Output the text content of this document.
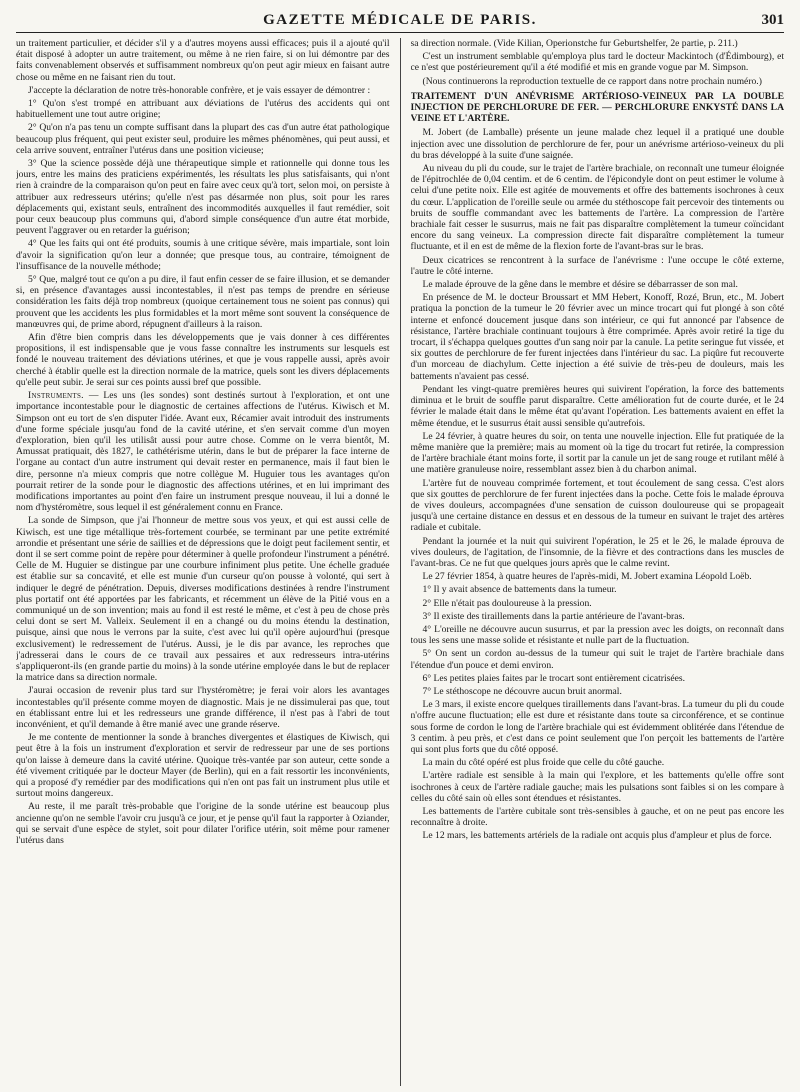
GAZETTE MÉDICALE DE PARIS.	301

un traitement particulier, et décider s'il y a d'autres moyens aussi efficaces; puis il a ajouté qu'il était disposé à adopter un autre traitement, ou même à ne rien faire, si on lui démontre par des faits convenablement observés et suffisamment nombreux qu'on peut agir mieux en faisant autre chose ou même en ne faisant rien du tout.

J'accepte la déclaration de notre très-honorable confrère, et je vais essayer de démontrer :

1° Qu'on s'est trompé en attribuant aux déviations de l'utérus des accidents qui ont habituellement une tout autre origine;

2° Qu'on n'a pas tenu un compte suffisant dans la plupart des cas d'un autre état pathologique beaucoup plus fréquent, qui peut exister seul, produire les mêmes phénomènes, qui peut aussi, et cela arrive souvent, entraîner l'utérus dans une position vicieuse;

3° Que la science possède déjà une thérapeutique simple et rationnelle qui donne tous les jours, entre les mains des praticiens expérimentés, les résultats les plus satisfaisants, qui n'ont rien à craindre de la comparaison qu'on peut en faire avec ceux qu'à tort, selon moi, on persiste à attribuer aux redresseurs utérins; qu'elle n'est pas désarmée non plus, soit pour les rares déplacements qui, existant seuls, entraînent des incommodités auxquelles il faut remédier, soit pour ceux beaucoup plus communs qui, d'abord simple conséquence d'un autre état morbide, peuvent l'aggraver ou en retarder la guérison;

4° Que les faits qui ont été produits, soumis à une critique sévère, mais impartiale, sont loin d'avoir la signification qu'on leur a donnée; que presque tous, au contraire, témoignent de l'insuffisance de la nouvelle méthode;

5° Que, malgré tout ce qu'on a pu dire, il faut enfin cesser de se faire illusion, et se demander si, en présence d'avantages aussi incontestables, il n'est pas temps de prendre en sérieuse considération les faits déjà trop nombreux (quoique certainement tous ne soient pas connus) qui prouvent que les accidents les plus formidables et la mort même sont souvent la conséquence de manœuvres qui, de prime abord, répugnent d'ailleurs à la raison.

Afin d'être bien compris dans les développements que je vais donner à ces différentes propositions, il est indispensable que je vous fasse connaître les instruments sur lesquels est fondé le nouveau traitement des déviations utérines, et que je vous rappelle aussi, après avoir cherché à établir quelle est la direction normale de la matrice, quels sont les divers déplacements qu'elle peut subir. Je serai sur ces points aussi bref que possible.

Instruments. — Les uns (les sondes) sont destinés surtout à l'exploration, et ont une importance incontestable pour le diagnostic de certaines affections de l'utérus. Kiwisch et M. Simpson ont eu tort de s'en disputer l'idée. Avant eux, Récamier avait introduit des instruments d'une forme spéciale jusqu'au fond de la cavité utérine, et s'en servait comme d'un moyen d'exploration, bien qu'il les utilisât aussi pour autre chose. Comme on le verra bientôt, M. Amussat pratiquait, dès 1827, le cathétérisme utérin, dans le but de préparer la face interne de l'organe au contact d'un autre instrument qui devait rester en permanence, mais il faut bien le dire, personne n'a mieux compris que notre collègue M. Huguier tous les avantages qu'on pourrait retirer de la sonde pour le diagnostic des affections utérines, et en lui imprimant des modifications importantes au point d'en faire un instrument presque nouveau, il lui a donné le nom d'hystéromètre, sous lequel il est généralement connu en France.

La sonde de Simpson, que j'ai l'honneur de mettre sous vos yeux, et qui est aussi celle de Kiwisch, est une tige métallique très-fortement courbée, se terminant par une petite extrémité arrondie et présentant une série de saillies et de dépressions que le doigt peut facilement sentir, et dont il se sert comme point de repère pour déterminer à quelle profondeur l'instrument a pénétré. Celle de M. Huguier se distingue par une courbure infiniment plus petite. Une échelle graduée est établie sur sa concavité, et elle est munie d'un curseur qu'on pousse à volonté, qui sert à indiquer le degré de pénétration. Depuis, diverses modifications destinées à rendre l'instrument plus portatif ont été apportées par les fabricants, et récemment un élève de la Pitié vous en a communiqué un de son invention; mais au fond il est resté le même, et c'est à peu de chose près celui dont se sert M. Valleix. Seulement il en a changé ou du moins étendu la destination, puisque, ainsi que nous le verrons par la suite, c'est avec lui qu'il opère aujourd'hui (presque exclusivement) le redressement de l'utérus. Aussi, je le dis par avance, les reproches que j'adresserai dans le cours de ce travail aux pessaires et aux redresseurs intra-utérins s'appliqueront-ils (en grande partie du moins) à la sonde utérine employée dans le but de replacer la matrice dans sa direction normale.

J'aurai occasion de revenir plus tard sur l'hystéromètre; je ferai voir alors les avantages incontestables qu'il présente comme moyen de diagnostic. Mais je ne dissimulerai pas que, tout en établissant entre lui et les redresseurs une grande différence, il n'est pas à l'abri de tout inconvénient, et qu'il demande à être manié avec une grande réserve.

Je me contente de mentionner la sonde à branches divergentes et élastiques de Kiwisch, qui peut être à la fois un instrument d'exploration et servir de redresseur par une de ses portions qu'on laisse à demeure dans la cavité utérine. Quoique très-vantée par son auteur, cette sonde a été vivement critiquée par le docteur Mayer (de Berlin), qui en a fait ressortir les inconvénients, qui a proposé d'y remédier par des modifications qui n'en ont pas fait un instrument plus utile et surtout moins dangereux.

Au reste, il me paraît très-probable que l'origine de la sonde utérine est beaucoup plus ancienne qu'on ne semble l'avoir cru jusqu'à ce jour, et je pense qu'il faut la rapporter à Oziander, qui se servait d'une espèce de stylet, soit pour dilater l'orifice utérin, soit même pour ramener l'utérus dans

sa direction normale. (Vide Kilian, Operionstche fur Geburtshelfer, 2e partie, p. 211.)

C'est un instrument semblable qu'employa plus tard le docteur Mackintoch (d'Édimbourg), et ce n'est que postérieurement qu'il a été modifié et mis en grande vogue par M. Simpson.

(Nous continuerons la reproduction textuelle de ce rapport dans notre prochain numéro.)

TRAITEMENT D'UN ANÉVRISME ARTÉRIOSO-VEINEUX PAR LA DOUBLE INJECTION DE PERCHLORURE DE FER. — PERCHLORURE ENKYSTÉ DANS LA VEINE ET L'ARTÈRE.

M. Jobert (de Lamballe) présente un jeune malade chez lequel il a pratiqué une double injection avec une dissolution de perchlorure de fer, pour un anévrisme artérioso-veineux du pli du bras développé à la suite d'une saignée.

Au niveau du pli du coude, sur le trajet de l'artère brachiale, on reconnaît une tumeur éloignée de l'épitrochlée de 0,04 centim. et de 6 centim. de l'épicondyle dont on peut estimer le volume à celui d'une petite noix. Elle est agitée de mouvements et offre des battements isochrones à ceux du cœur. L'application de l'oreille seule ou armée du stéthoscope fait percevoir des tintements ou bruits de souffle commandant avec les battements de l'artère. La compression de l'artère brachiale fait cesser le susurrus, mais ne fait pas disparaître complètement la tumeur coïncidant encore du sang veineux. La compression directe fait disparaître complètement la tumeur fluctuante, et il en est de même de la flexion forte de l'avant-bras sur le bras.

Deux cicatrices se rencontrent à la surface de l'anévrisme : l'une occupe le côté externe, l'autre le côté interne.

Le malade éprouve de la gêne dans le membre et désire se débarrasser de son mal.

En présence de M. le docteur Broussart et MM Hebert, Konoff, Rozé, Brun, etc., M. Jobert pratiqua la ponction de la tumeur le 20 février avec un mince trocart qui fut plongé à son côté interne et enfoncé doucement jusque dans son intérieur, ce qui fut annoncé par l'absence de résistance, l'artère brachiale continuant toujours à être comprimée. Après avoir retiré la tige du trocart, il s'échappa quelques gouttes d'un sang noir par la canule. La petite seringue fut vissée, et six gouttes de perchlorure de fer furent injectées dans l'intérieur du sac. La piqûre fut recouverte d'un morceau de diachylum. Cette injection a été suivie de très-peu de douleurs, mais les battements n'avaient pas cessé.

Pendant les vingt-quatre premières heures qui suivirent l'opération, la force des battements diminua et le bruit de souffle parut disparaître. Cette amélioration fut de courte durée, et le 24 février le malade était dans le même état qu'avant l'opération. Les battements avaient en effet la même étendue, et le susurrus était aussi sensible qu'autrefois.

Le 24 février, à quatre heures du soir, on tenta une nouvelle injection. Elle fut pratiquée de la même manière que la première; mais au moment où la tige du trocart fut retirée, la compression de l'artère brachiale étant moins forte, il sortit par la canule un jet de sang rouge et rutilant mêlé à une matière granuleuse noire, ressemblant assez bien à du charbon animal.

L'artère fut de nouveau comprimée fortement, et tout écoulement de sang cessa. C'est alors que six gouttes de perchlorure de fer furent injectées dans la poche. Cette fois le malade éprouva de vives douleurs, accompagnées d'une sensation de cuisson douloureuse qui se propageait jusqu'à une certaine distance en dessus et en dessous de la tumeur en suivant le trajet des artères radiale et cubitale.

Pendant la journée et la nuit qui suivirent l'opération, le 25 et le 26, le malade éprouva de vives douleurs, de l'agitation, de l'insomnie, de la fièvre et des contractions dans les muscles de l'avant-bras. Ce ne fut que quelques jours après que le calme revint.

Le 27 février 1854, à quatre heures de l'après-midi, M. Jobert examina Léopold Loëb.

1° Il y avait absence de battements dans la tumeur.

2° Elle n'était pas douloureuse à la pression.

3° Il existe des tiraillements dans la partie antérieure de l'avant-bras.

4° L'oreille ne découvre aucun susurrus, et par la pression avec les doigts, on reconnaît dans tous les sens une masse solide et résistante et nulle part de la fluctuation.

5° On sent un cordon au-dessus de la tumeur qui suit le trajet de l'artère brachiale dans l'étendue d'un pouce et demi environ.

6° Les petites plaies faites par le trocart sont entièrement cicatrisées.

7° Le stéthoscope ne découvre aucun bruit anormal.

Le 3 mars, il existe encore quelques tiraillements dans l'avant-bras. La tumeur du pli du coude n'offre aucune fluctuation; elle est dure et résistante dans toute sa circonférence, et se continue sous forme de cordon le long de l'artère brachiale qui est évidemment oblitérée dans l'étendue de 3 centim. à peu près, et c'est dans ce point seulement que l'on perçoit les battements de l'artère qui sont plus forts que du côté opposé.

La main du côté opéré est plus froide que celle du côté gauche.

L'artère radiale est sensible à la main qui l'explore, et les battements qu'elle offre sont isochrones à ceux de l'artère radiale gauche; mais les pulsations sont faibles si on les compare à celles du côté sain où elles sont étendues et résistantes.

Les battements de l'artère cubitale sont très-sensibles à gauche, et on ne peut pas encore les reconnaître à droite.

Le 12 mars, les battements artériels de la radiale ont acquis plus d'ampleur et plus de force.
